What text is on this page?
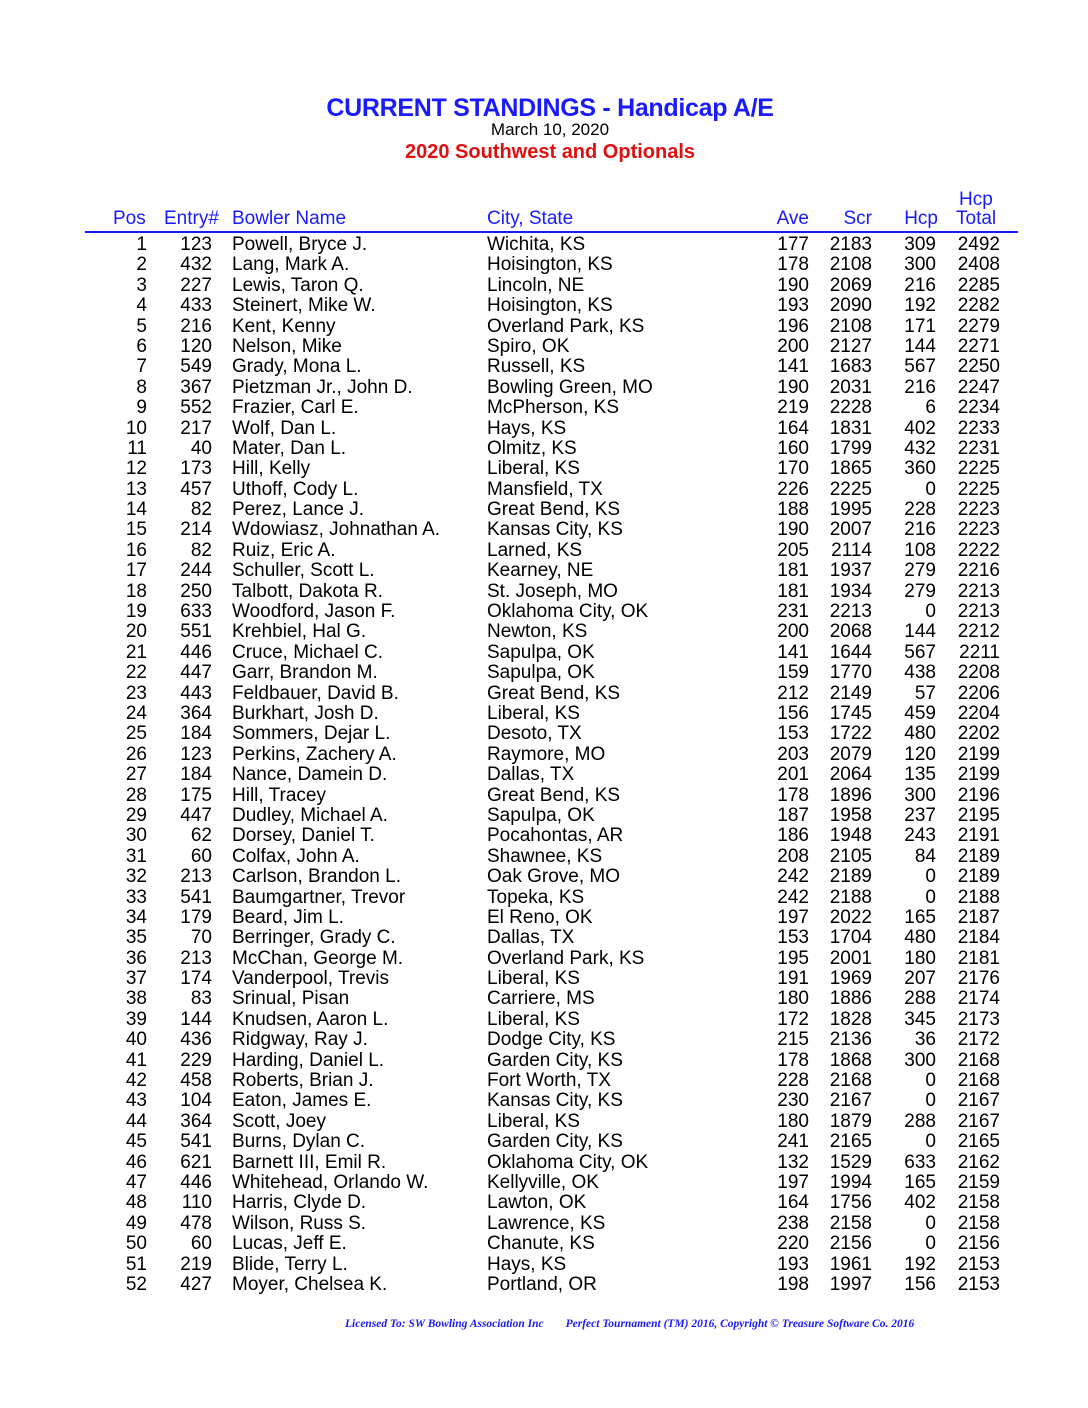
CURRENT STANDINGS - Handicap A/E
March 10, 2020
2020 Southwest and Optionals
Pos Entry# Bowler Name	City, State	Ave Scr Hcp
Hcp
Total
1 123 Powell, Bryce J.	Wichita, KS	177 2183 309 2492
2 432 Lang, Mark A.	Hoisington, KS	178 2108 300 2408
3 227 Lewis, Taron Q.	Lincoln, NE	190 2069 216 2285
4 433 Steinert, Mike W.	Hoisington, KS	193 2090 192 2282
5 216 Kent, Kenny	Overland Park, KS	196 2108 171 2279
6 120 Nelson, Mike	Spiro, OK	200 2127 144 2271
7 549 Grady, Mona L.	Russell, KS	141 1683 567 2250
8 367 Pietzman Jr., John D.	Bowling Green, MO	190 2031 216 2247
9 552 Frazier, Carl E.	McPherson, KS	219 2228	6 2234
10 217 Wolf, Dan L.	Hays, KS	164 1831 402 2233
11 40 Mater, Dan L.	Olmitz, KS	160 1799 432 2231
12 173 Hill, Kelly	Liberal, KS	170 1865 360 2225
13 457 Uthoff, Cody L.	Mansfield, TX	226 2225	0 2225
14 82 Perez, Lance J.	Great Bend, KS	188 1995 228 2223
15 214 Wdowiasz, Johnathan A. Kansas City, KS	190 2007 216 2223
16 82 Ruiz, Eric A.	Larned, KS	205 2114 108 2222
17 244 Schuller, Scott L.	Kearney, NE	181 1937 279 2216
18 250 Talbott, Dakota R.	St. Joseph, MO	181 1934 279 2213
19 633 Woodford, Jason F.	Oklahoma City, OK	231 2213	0 2213
20 551 Krehbiel, Hal G.	Newton, KS	200 2068 144 2212
21 446 Cruce, Michael C.	Sapulpa, OK	141 1644 567 2211
22 447 Garr, Brandon M.	Sapulpa, OK	159 1770 438 2208
23 443 Feldbauer, David B.	Great Bend, KS	212 2149 57 2206
24 364 Burkhart, Josh D.	Liberal, KS	156 1745 459 2204
25 184 Sommers, Dejar L.	Desoto, TX	153 1722 480 2202
26 123 Perkins, Zachery A.	Raymore, MO	203 2079 120 2199
27 184 Nance, Damein D.	Dallas, TX	201 2064 135 2199
28 175 Hill, Tracey	Great Bend, KS	178 1896 300 2196
29 447 Dudley, Michael A.	Sapulpa, OK	187 1958 237 2195
30 62 Dorsey, Daniel T.	Pocahontas, AR	186 1948 243 2191
31 60 Colfax, John A.	Shawnee, KS	208 2105 84 2189
32 213 Carlson, Brandon L.	Oak Grove, MO	242 2189	0 2189
33 541 Baumgartner, Trevor	Topeka, KS	242 2188	0 2188
34 179 Beard, Jim L.	El Reno, OK	197 2022 165 2187
35 70 Berringer, Grady C.	Dallas, TX	153 1704 480 2184
36 213 McChan, George M.	Overland Park, KS	195 2001 180 2181
37 174 Vanderpool, Trevis	Liberal, KS	191 1969 207 2176
38 83 Srinual, Pisan	Carriere, MS	180 1886 288 2174
39 144 Knudsen, Aaron L.	Liberal, KS	172 1828 345 2173
40 436 Ridgway, Ray J.	Dodge City, KS	215 2136 36 2172
41 229 Harding, Daniel L.	Garden City, KS	178 1868 300 2168
42 458 Roberts, Brian J.	Fort Worth, TX	228 2168	0 2168
43 104 Eaton, James E.	Kansas City, KS	230 2167	0 2167
44 364 Scott, Joey	Liberal, KS	180 1879 288 2167
45 541 Burns, Dylan C.	Garden City, KS	241 2165	0 2165
46 621 Barnett III, Emil R.	Oklahoma City, OK	132 1529 633 2162
47 446 Whitehead, Orlando W.	Kellyville, OK	197 1994 165 2159
48 110 Harris, Clyde D.	Lawton, OK	164 1756 402 2158
49 478 Wilson, Russ S.	Lawrence, KS	238 2158	0 2158
50 60 Lucas, Jeff E.	Chanute, KS	220 2156	0 2156
51 219 Blide, Terry L.	Hays, KS	193 1961 192 2153
52 427 Moyer, Chelsea K.	Portland, OR	198 1997 156 2153
Licensed To: SW Bowling Association Inc Perfect Tournament (TM) 2016, Copyright © Treasure Software Co. 2016
